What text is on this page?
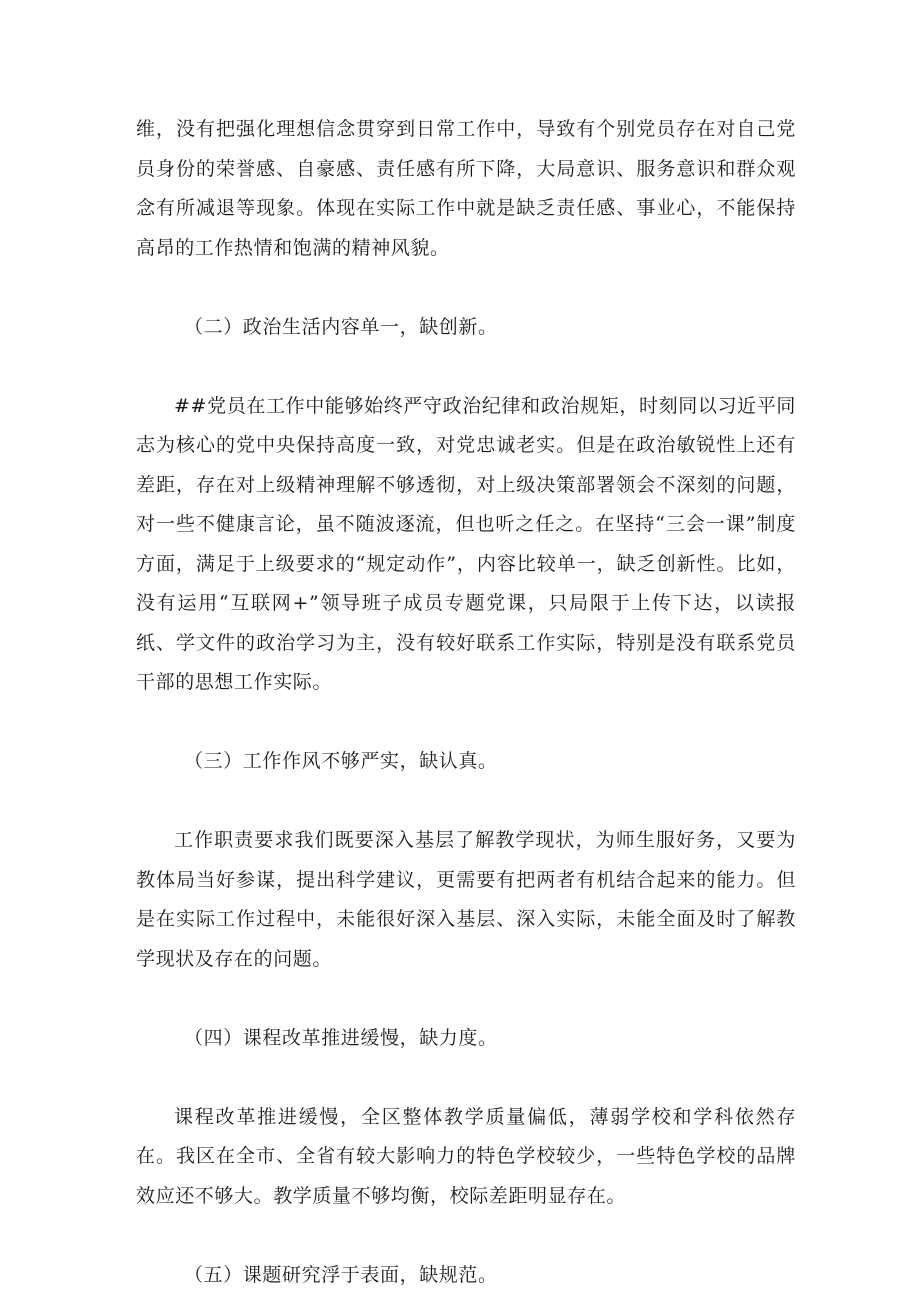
维，没有把强化理想信念贯穿到日常工作中，导致有个别党员存在对自己党员身份的荣誉感、自豪感、责任感有所下降，大局意识、服务意识和群众观念有所减退等现象。体现在实际工作中就是缺乏责任感、事业心，不能保持高昂的工作热情和饱满的精神风貌。

（二）政治生活内容单一，缺创新。

##党员在工作中能够始终严守政治纪律和政治规矩，时刻同以习近平同志为核心的党中央保持高度一致，对党忠诚老实。但是在政治敏锐性上还有差距，存在对上级精神理解不够透彻，对上级决策部署领会不深刻的问题，对一些不健康言论，虽不随波逐流，但也听之任之。在坚持“三会一课”制度方面，满足于上级要求的“规定动作”，内容比较单一，缺乏创新性。比如，没有运用“互联网+”领导班子成员专题党课，只局限于上传下达，以读报纸、学文件的政治学习为主，没有较好联系工作实际，特别是没有联系党员干部的思想工作实际。

（三）工作作风不够严实，缺认真。

工作职责要求我们既要深入基层了解教学现状，为师生服好务，又要为教体局当好参谋，提出科学建议，更需要有把两者有机结合起来的能力。但是在实际工作过程中，未能很好深入基层、深入实际，未能全面及时了解教学现状及存在的问题。

（四）课程改革推进缓慢，缺力度。

课程改革推进缓慢，全区整体教学质量偏低，薄弱学校和学科依然存在。我区在全市、全省有较大影响力的特色学校较少，一些特色学校的品牌效应还不够大。教学质量不够均衡，校际差距明显存在。

（五）课题研究浮于表面，缺规范。
